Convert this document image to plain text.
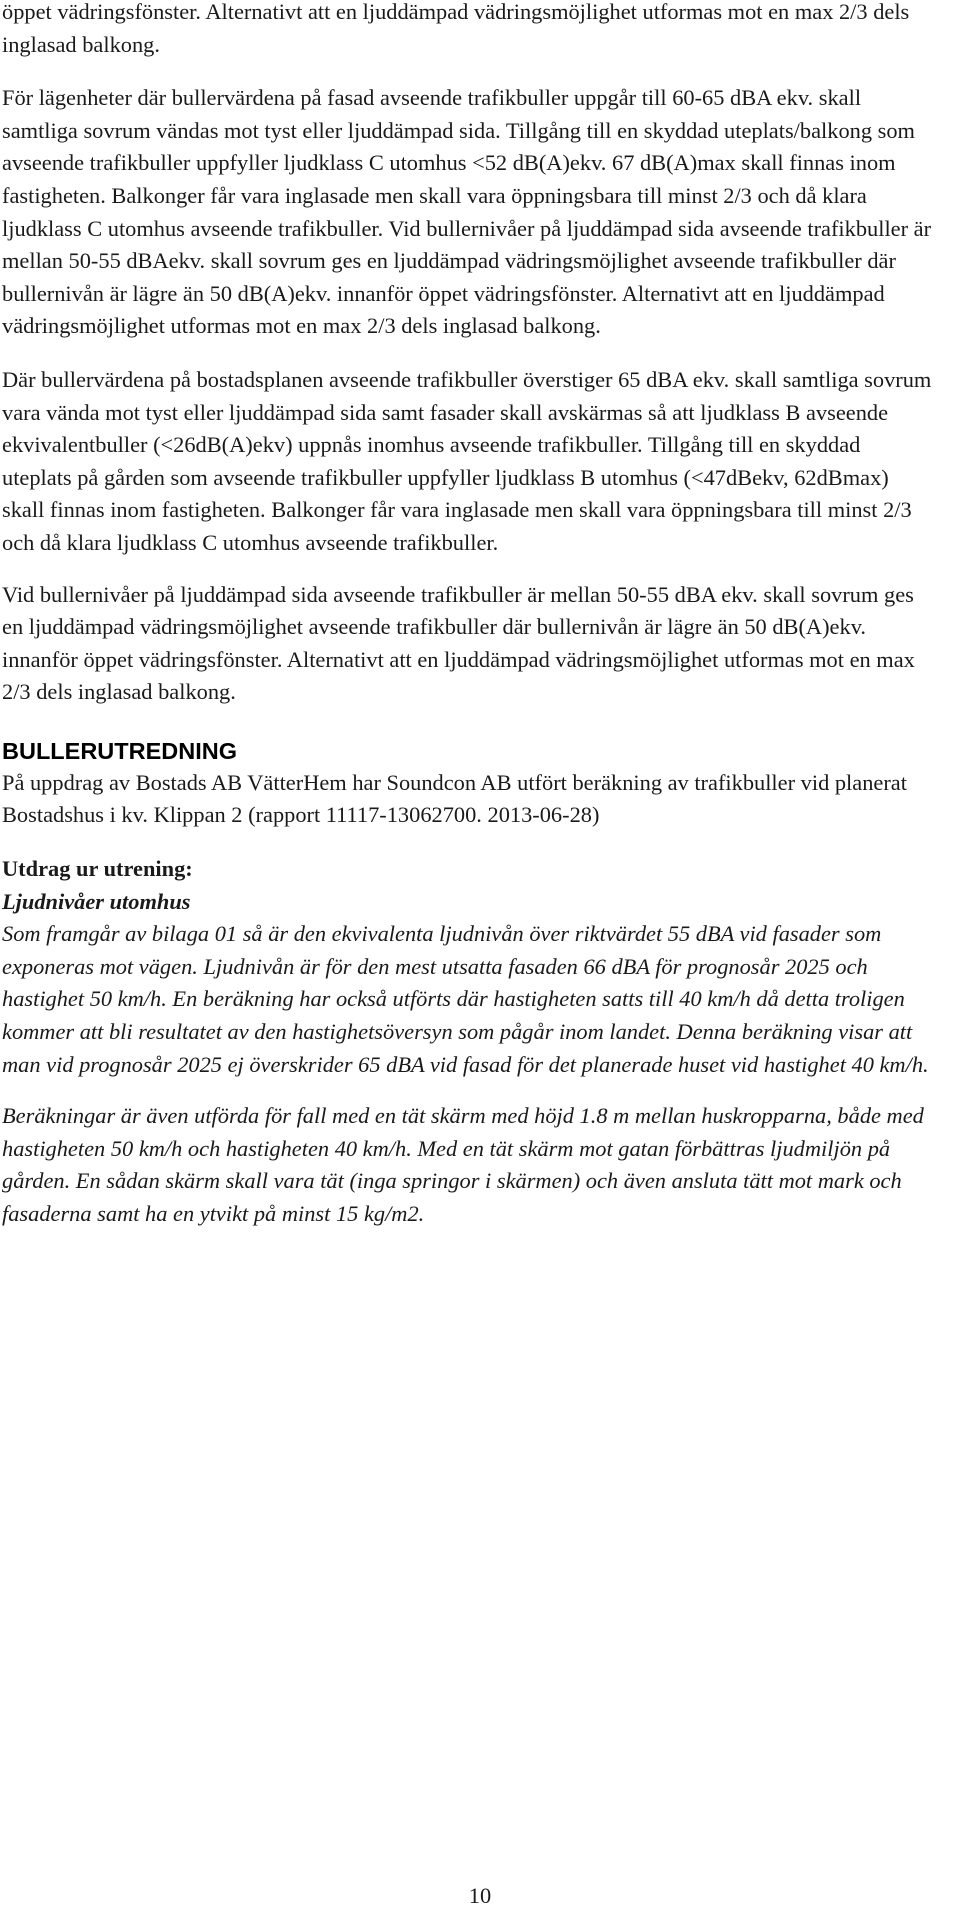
öppet vädringsfönster. Alternativt att en ljuddämpad vädringsmöjlighet utformas mot en max 2/3 dels inglasad balkong.

För lägenheter där bullervärdena på fasad avseende trafikbuller uppgår till 60-65 dBA ekv. skall samtliga sovrum vändas mot tyst eller ljuddämpad sida. Tillgång till en skyddad uteplats/balkong som avseende trafikbuller uppfyller ljudklass C utomhus <52 dB(A)ekv. 67 dB(A)max skall finnas inom fastigheten. Balkonger får vara inglasade men skall vara öppningsbara till minst 2/3 och då klara ljudklass C utomhus avseende trafikbuller. Vid bullernivåer på ljuddämpad sida avseende trafikbuller är mellan 50-55 dBAekv. skall sovrum ges en ljuddämpad vädringsmöjlighet avseende trafikbuller där bullernivån är lägre än 50 dB(A)ekv. innanför öppet vädringsfönster. Alternativt att en ljuddämpad vädringsmöjlighet utformas mot en max 2/3 dels inglasad balkong.

Där bullervärdena på bostadsplanen avseende trafikbuller överstiger 65 dBA ekv. skall samtliga sovrum vara vända mot tyst eller ljuddämpad sida samt fasader skall avskärmas så att ljudklass B avseende ekvivalentbuller (<26dB(A)ekv) uppnås inomhus avseende trafikbuller. Tillgång till en skyddad uteplats på gården som avseende trafikbuller uppfyller ljudklass B utomhus (<47dBekv, 62dBmax) skall finnas inom fastigheten. Balkonger får vara inglasade men skall vara öppningsbara till minst 2/3 och då klara ljudklass C utomhus avseende trafikbuller.

Vid bullernivåer på ljuddämpad sida avseende trafikbuller är mellan 50-55 dBA ekv. skall sovrum ges en ljuddämpad vädringsmöjlighet avseende trafikbuller där bullernivån är lägre än 50 dB(A)ekv. innanför öppet vädringsfönster. Alternativt att en ljuddämpad vädringsmöjlighet utformas mot en max 2/3 dels inglasad balkong.

BULLERUTREDNING

På uppdrag av Bostads AB VätterHem har Soundcon AB utfört beräkning av trafikbuller vid planerat Bostadshus i kv. Klippan 2 (rapport 11117-13062700. 2013-06-28)

Utdrag ur utrening:

Ljudnivåer utomhus

Som framgår av bilaga 01 så är den ekvivalenta ljudnivån över riktvärdet 55 dBA vid fasader som exponeras mot vägen. Ljudnivån är för den mest utsatta fasaden 66 dBA för prognosår 2025 och hastighet 50 km/h. En beräkning har också utförts där hastigheten satts till 40 km/h då detta troligen kommer att bli resultatet av den hastighetsöversyn som pågår inom landet. Denna beräkning visar att man vid prognosår 2025 ej överskrider 65 dBA vid fasad för det planerade huset vid hastighet 40 km/h.

Beräkningar är även utförda för fall med en tät skärm med höjd 1.8 m mellan huskropparna, både med hastigheten 50 km/h och hastigheten 40 km/h. Med en tät skärm mot gatan förbättras ljudmiljön på gården. En sådan skärm skall vara tät (inga springor i skärmen) och även ansluta tätt mot mark och fasaderna samt ha en ytvikt på minst 15 kg/m2.

10
